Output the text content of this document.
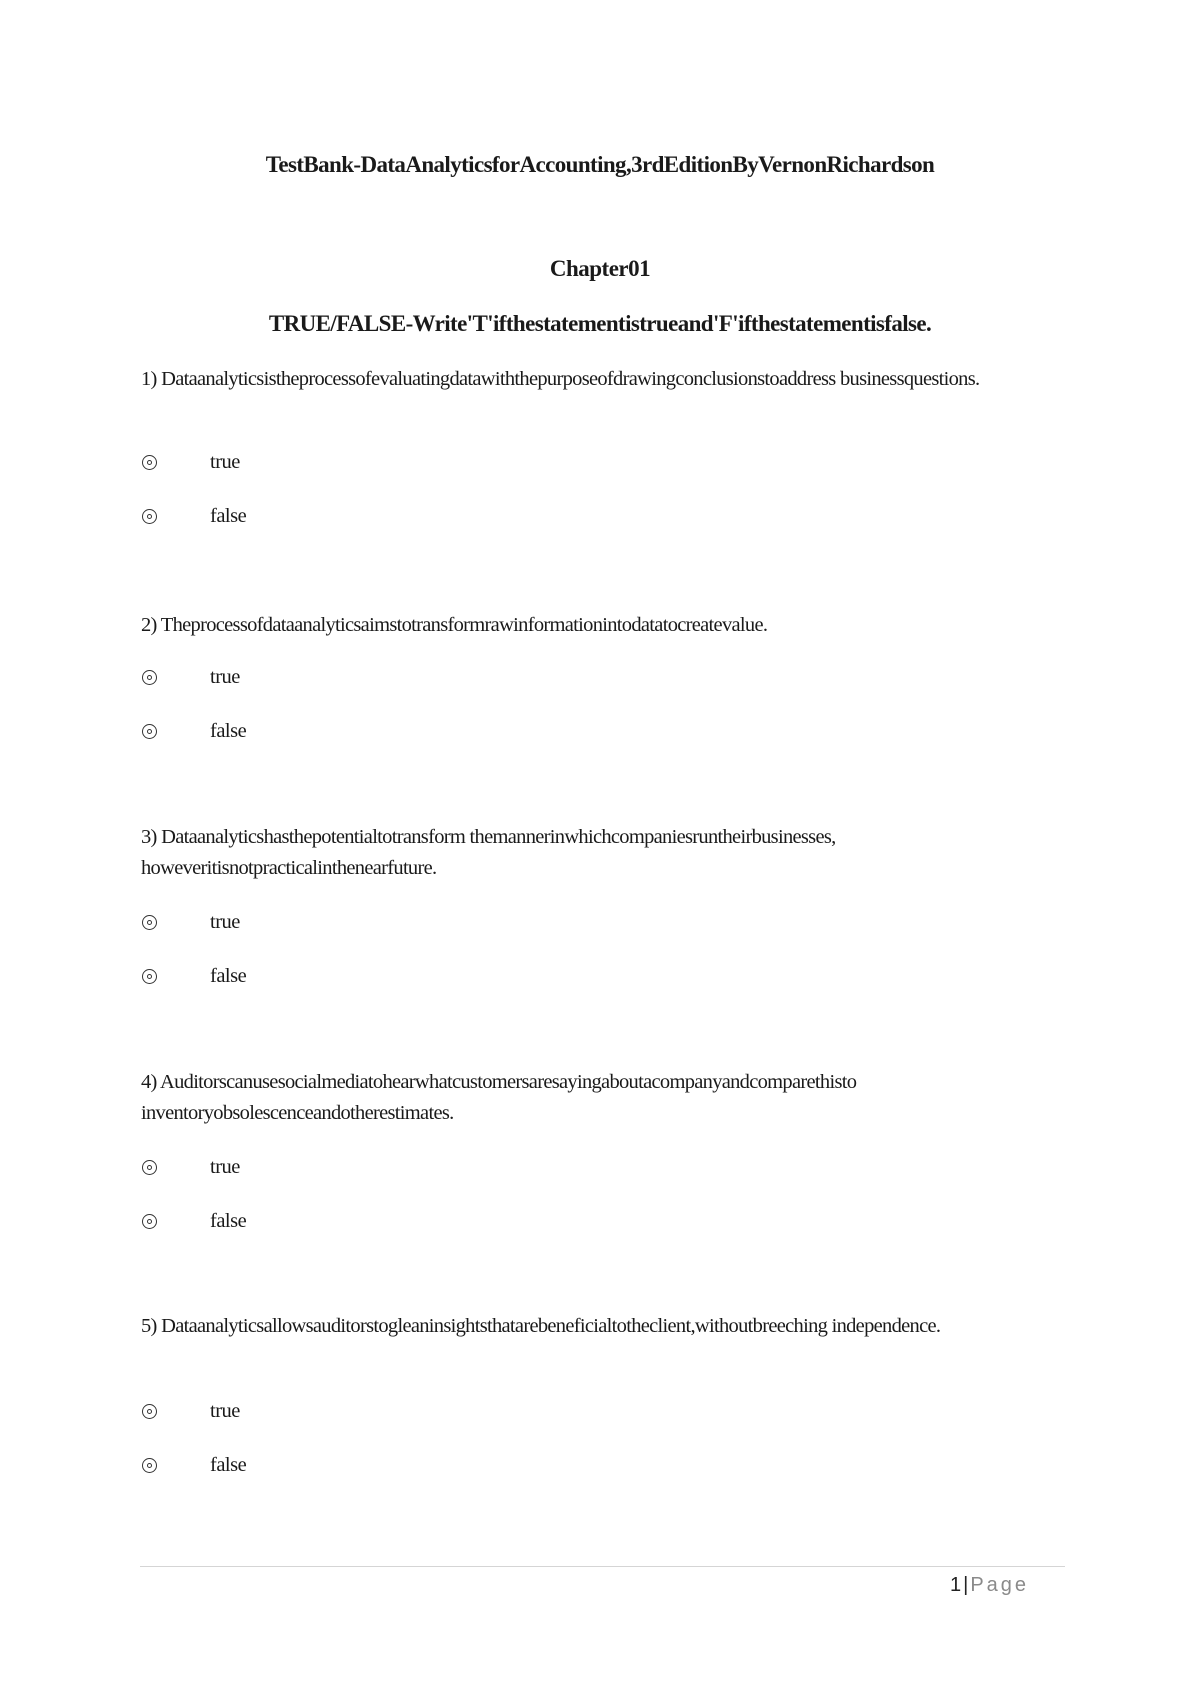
TestBank-DataAnalyticsforAccounting,3rdEditionByVernonRichardson
Chapter01
TRUE/FALSE-Write'T'ifthestatementistrueand'F'ifthestatementisfalse.

1) Dataanalyticsistheprocessofevaluatingdatawiththepurposeofdrawingconclusionstoaddress businessquestions.

true
false

2) Theprocessofdataanalyticsaimstotransformrawinformationintodatatocreatevalue.

true
false

3) Dataanalyticshasthepotentialtotransform themannerinwhichcompaniesruntheirbusinesses, howeveritisnotpracticalinthenearfuture.

true
false

4) Auditorscanusesocialmediatohearwhatcustomersaresayingaboutacompanyandcomparethisto inventoryobsolescenceandotherestimates.

true
false

5) Dataanalyticsallowsauditorstogleaninsightsthatarebeneficialtotheclient,withoutbreeching independence.

true
false
1 | Page
